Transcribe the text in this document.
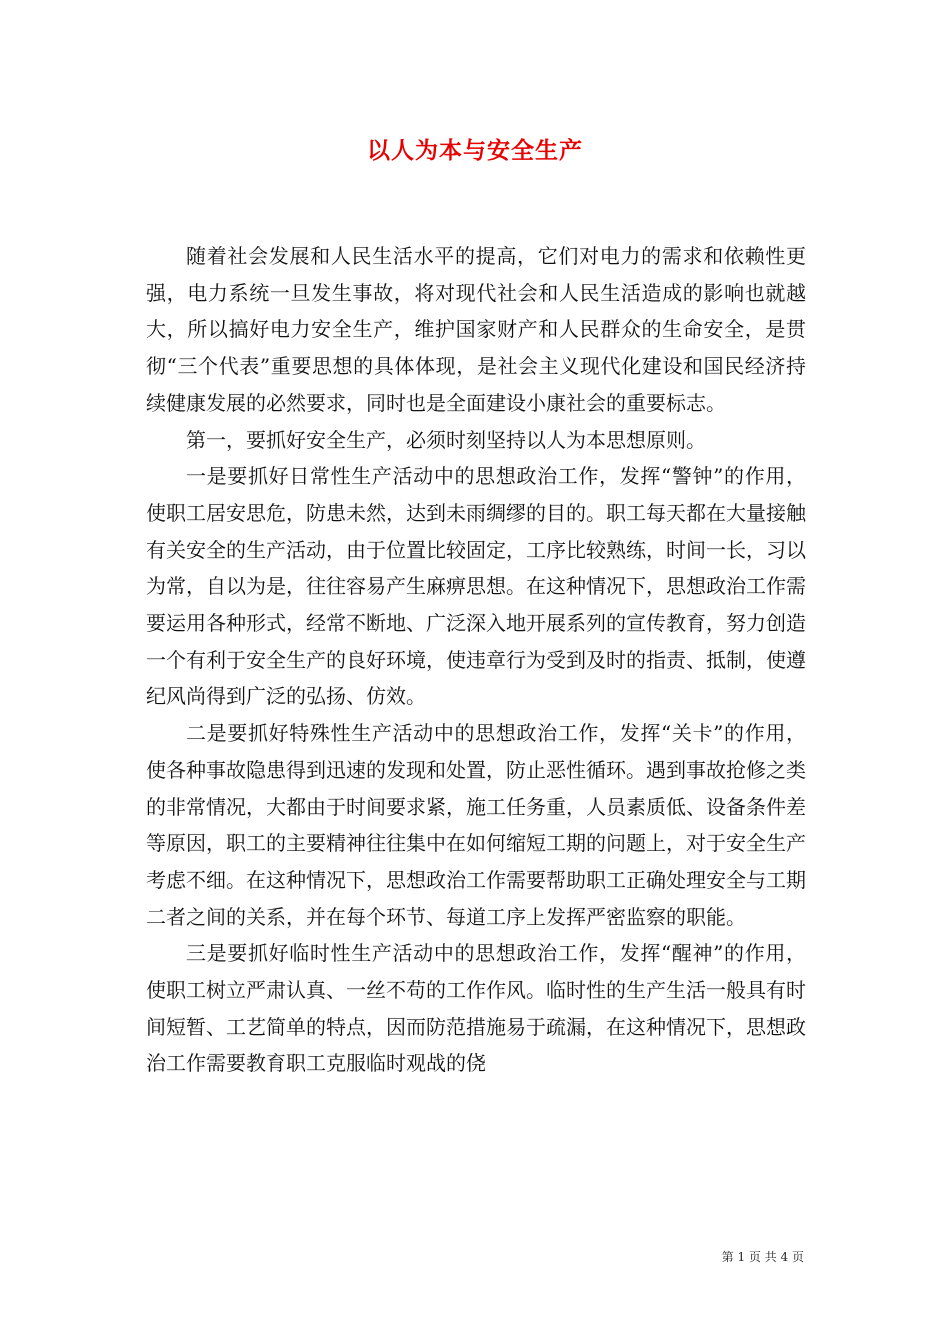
以人为本与安全生产

随着社会发展和人民生活水平的提高，它们对电力的需求和依赖性更强，电力系统一旦发生事故，将对现代社会和人民生活造成的影响也就越大，所以搞好电力安全生产，维护国家财产和人民群众的生命安全，是贯彻“三个代表”重要思想的具体体现，是社会主义现代化建设和国民经济持续健康发展的必然要求，同时也是全面建设小康社会的重要标志。

第一，要抓好安全生产，必须时刻坚持以人为本思想原则。

一是要抓好日常性生产活动中的思想政治工作，发挥“警钟”的作用，使职工居安思危，防患未然，达到未雨绸缪的目的。职工每天都在大量接触有关安全的生产活动，由于位置比较固定，工序比较熟练，时间一长，习以为常，自以为是，往往容易产生麻痹思想。在这种情况下，思想政治工作需要运用各种形式，经常不断地、广泛深入地开展系列的宣传教育，努力创造一个有利于安全生产的良好环境，使违章行为受到及时的指责、抵制，使遵纪风尚得到广泛的弘扬、仿效。

二是要抓好特殊性生产活动中的思想政治工作，发挥“关卡”的作用，使各种事故隐患得到迅速的发现和处置，防止恶性循环。遇到事故抢修之类的非常情况，大都由于时间要求紧，施工任务重，人员素质低、设备条件差等原因，职工的主要精神往往集中在如何缩短工期的问题上，对于安全生产考虑不细。在这种情况下，思想政治工作需要帮助职工正确处理安全与工期二者之间的关系，并在每个环节、每道工序上发挥严密监察的职能。

三是要抓好临时性生产活动中的思想政治工作，发挥“醒神”的作用，使职工树立严肃认真、一丝不苟的工作作风。临时性的生产生活一般具有时间短暂、工艺简单的特点，因而防范措施易于疏漏，在这种情况下，思想政治工作需要教育职工克服临时观战的侥

第 1 页 共 4 页
